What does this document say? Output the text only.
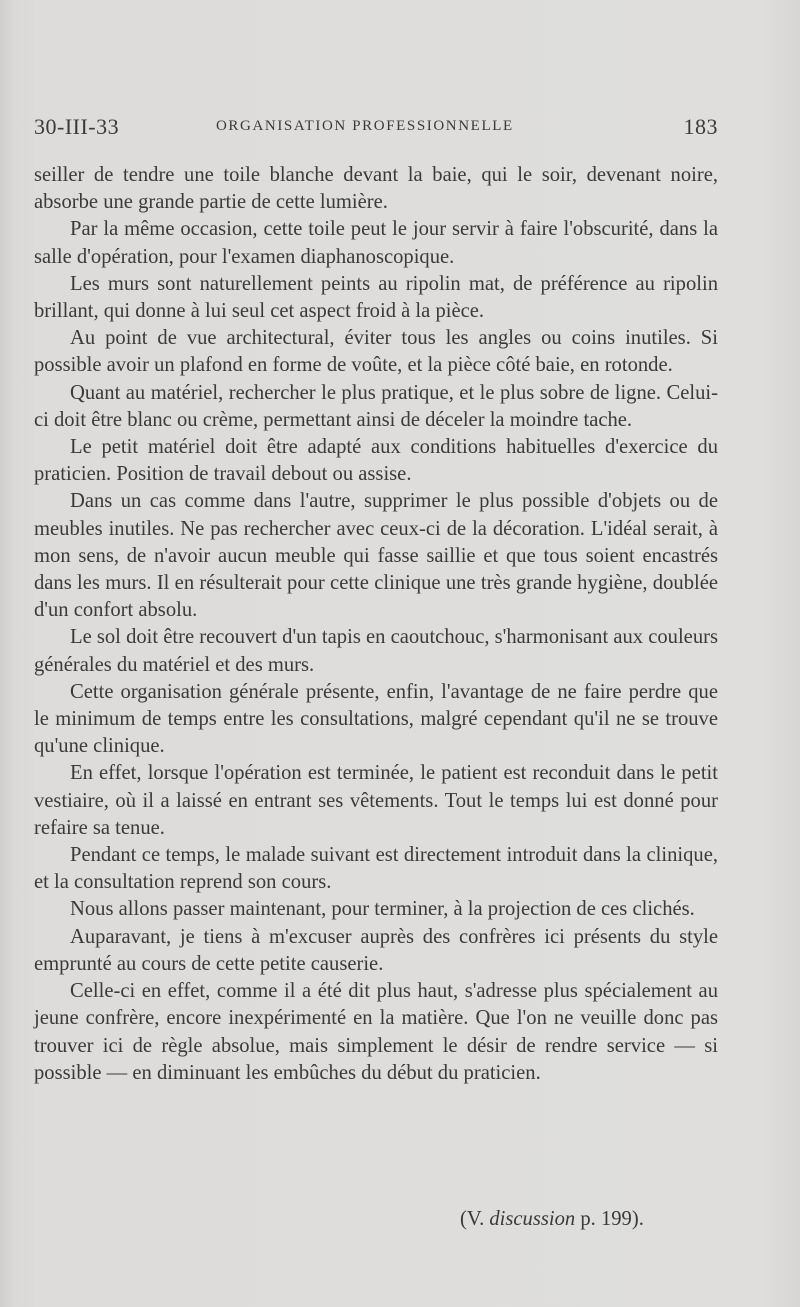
30-III-33	ORGANISATION PROFESSIONNELLE	183

seiller de tendre une toile blanche devant la baie, qui le soir, devenant noire, absorbe une grande partie de cette lumière.

Par la même occasion, cette toile peut le jour servir à faire l'obscurité, dans la salle d'opération, pour l'examen diaphanoscopique.

Les murs sont naturellement peints au ripolin mat, de préférence au ripolin brillant, qui donne à lui seul cet aspect froid à la pièce.

Au point de vue architectural, éviter tous les angles ou coins inutiles. Si possible avoir un plafond en forme de voûte, et la pièce côté baie, en rotonde.

Quant au matériel, rechercher le plus pratique, et le plus sobre de ligne. Celui-ci doit être blanc ou crème, permettant ainsi de déceler la moindre tache.

Le petit matériel doit être adapté aux conditions habituelles d'exercice du praticien. Position de travail debout ou assise.

Dans un cas comme dans l'autre, supprimer le plus possible d'objets ou de meubles inutiles. Ne pas rechercher avec ceux-ci de la décoration. L'idéal serait, à mon sens, de n'avoir aucun meuble qui fasse saillie et que tous soient encastrés dans les murs. Il en résulterait pour cette clinique une très grande hygiène, doublée d'un confort absolu.

Le sol doit être recouvert d'un tapis en caoutchouc, s'harmonisant aux couleurs générales du matériel et des murs.

Cette organisation générale présente, enfin, l'avantage de ne faire perdre que le minimum de temps entre les consultations, malgré cependant qu'il ne se trouve qu'une clinique.

En effet, lorsque l'opération est terminée, le patient est reconduit dans le petit vestiaire, où il a laissé en entrant ses vêtements. Tout le temps lui est donné pour refaire sa tenue.

Pendant ce temps, le malade suivant est directement introduit dans la clinique, et la consultation reprend son cours.

Nous allons passer maintenant, pour terminer, à la projection de ces clichés.

Auparavant, je tiens à m'excuser auprès des confrères ici présents du style emprunté au cours de cette petite causerie.

Celle-ci en effet, comme il a été dit plus haut, s'adresse plus spécialement au jeune confrère, encore inexpérimenté en la matière. Que l'on ne veuille donc pas trouver ici de règle absolue, mais simplement le désir de rendre service — si possible — en diminuant les embûches du début du praticien.

(V. discussion p. 199).
